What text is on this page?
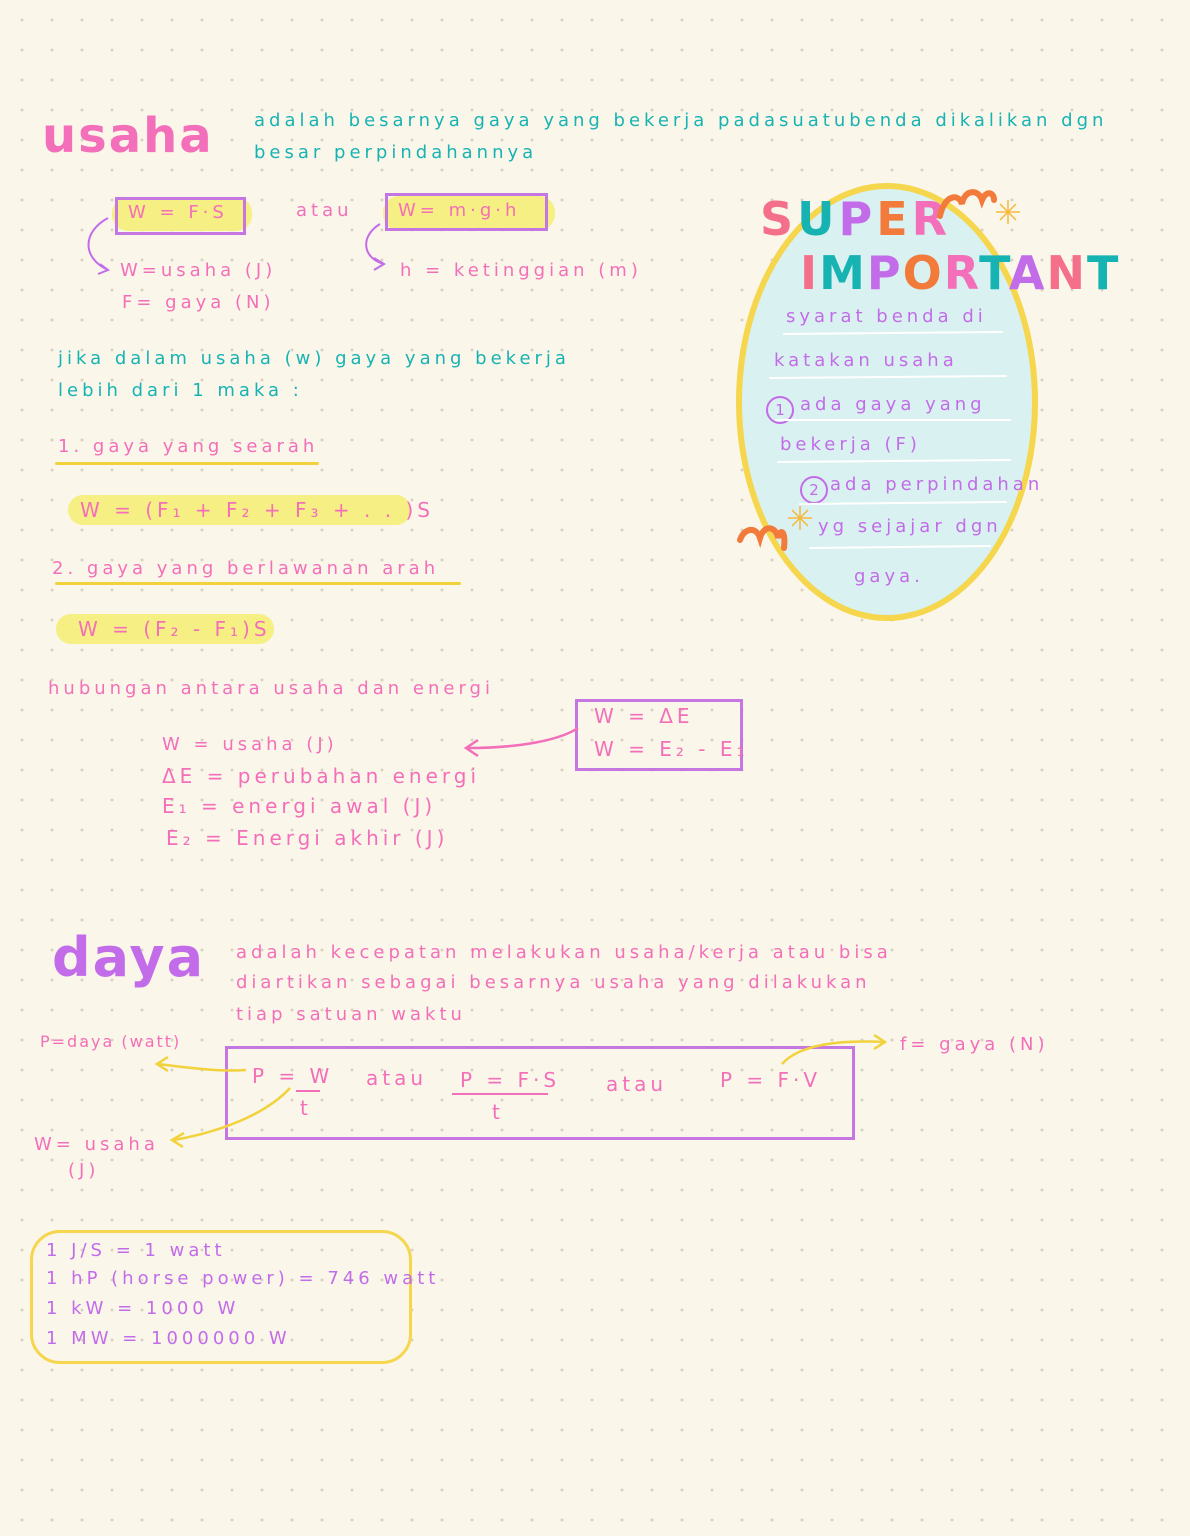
usaha adalah besarnya gaya yang bekerja padasuatubenda dikalikan dgn
besar perpindahannya
W = F·S	atau	W= m·g·h
W=usaha (J)
F= gaya (N)
h = ketinggian (m)
jika dalam usaha (w) gaya yang bekerja
lebih dari 1 maka :
1. gaya yang searah
W = (F₁ + F₂ + F₃ + . . )S
2. gaya yang berlawanan arah
W = (F₂ - F₁)S
hubungan antara usaha dan energi
W = ΔE
W = E₂ - E₁
W = usaha (J)
ΔE = perubahan energi
E₁ = energi awal (J)
E₂ = Energi akhir (J)
SUPER
IMPORTANT
syarat benda di
katakan usaha
ada gaya yang
bekerja (F)
ada perpindahan
yg sejajar dgn
gaya.
1
2
daya adalah kecepatan melakukan usaha/kerja atau bisa
diartikan sebagai besarnya usaha yang dilakukan
tiap satuan waktu
P=daya (watt)
W= usaha
(J)
f= gaya (N)
P = W
t
atau P = F·S
t
atau	P = F·V
1 J/S = 1 watt
1 hP (horse power) = 746 watt
1 kW = 1000 W
1 MW = 1000000 W
